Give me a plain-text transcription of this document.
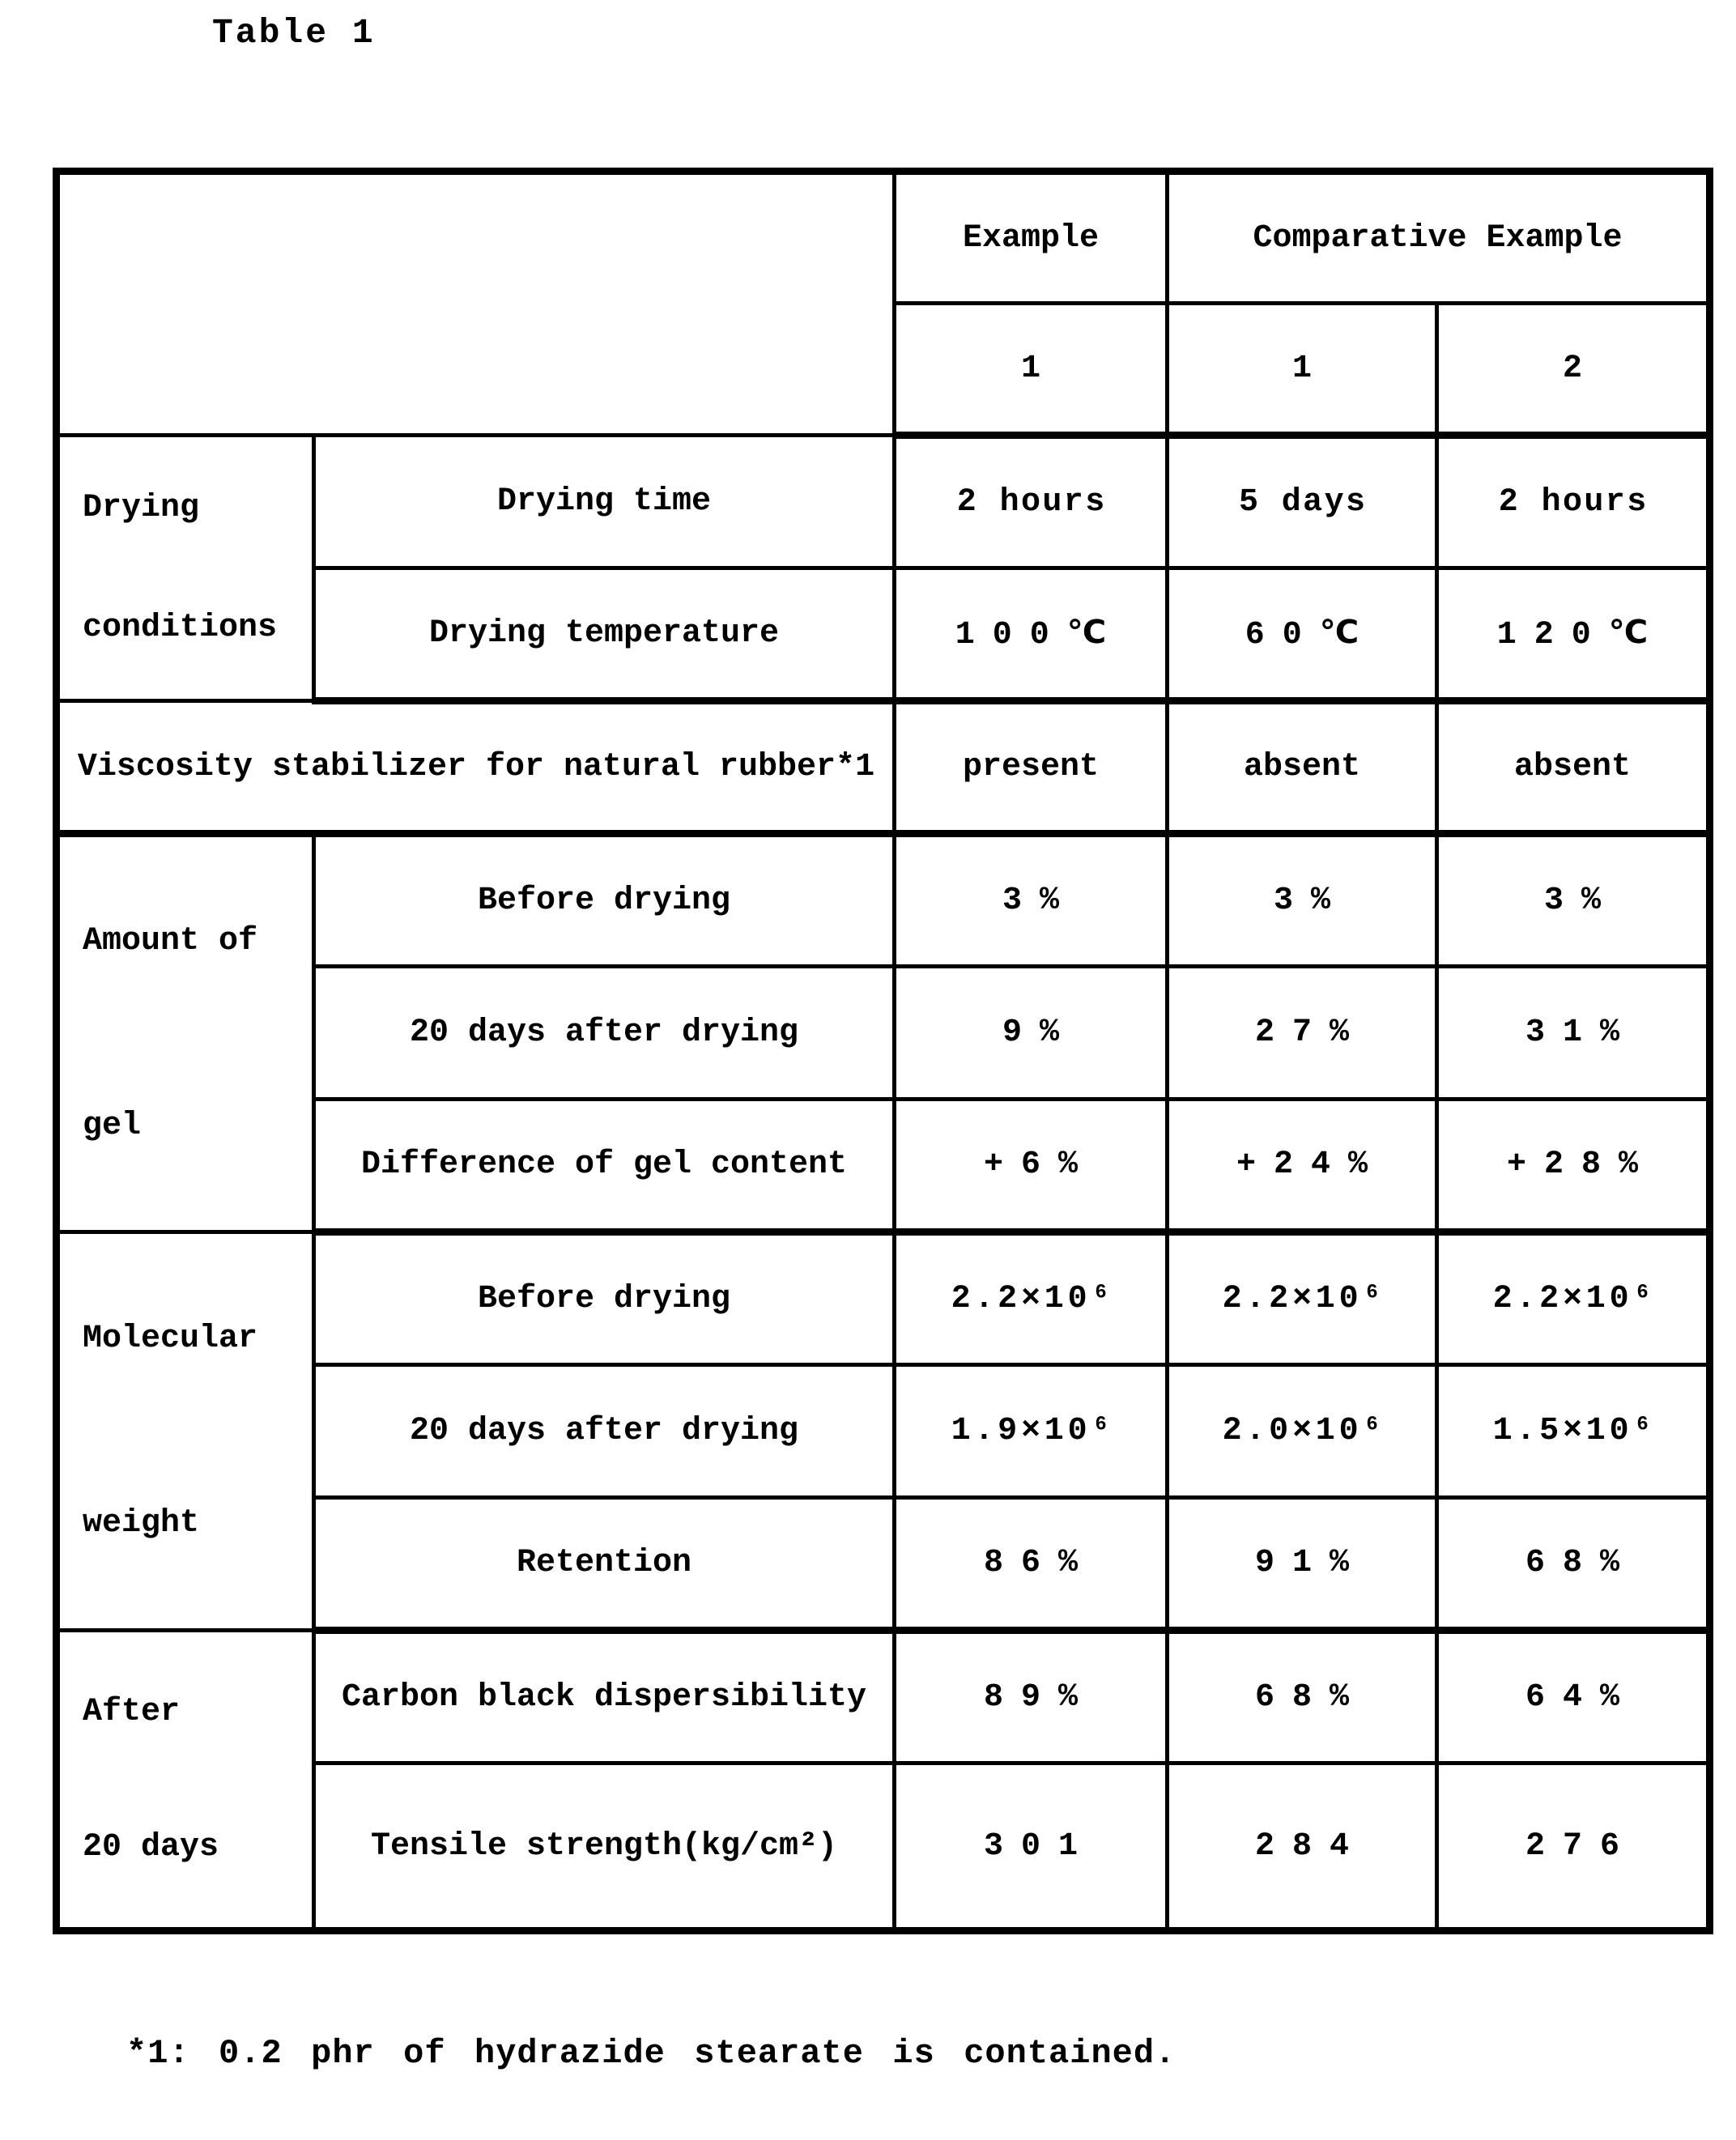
Table 1
		Example	Comparative Example	
		1	1	2

Drying
conditions	Drying time	2 hours	5 days	2 hours
	Drying temperature	100℃	60℃	120℃
Viscosity stabilizer for natural rubber*1		present	absent	absent

Amount of
gel	Before drying	3%	3%	3%
	20 days after drying	9%	27%	31%
	Difference of gel content	+6%	+24%	+28%

Molecular
weight	Before drying	2.2×10⁶	2.2×10⁶	2.2×10⁶
	20 days after drying	1.9×10⁶	2.0×10⁶	1.5×10⁶
	Retention	86%	91%	68%

After
20 days	Carbon black dispersibility	89%	68%	64%
	Tensile strength(kg/cm²)	301	284	276
*1: 0.2 phr of hydrazide stearate is contained.
